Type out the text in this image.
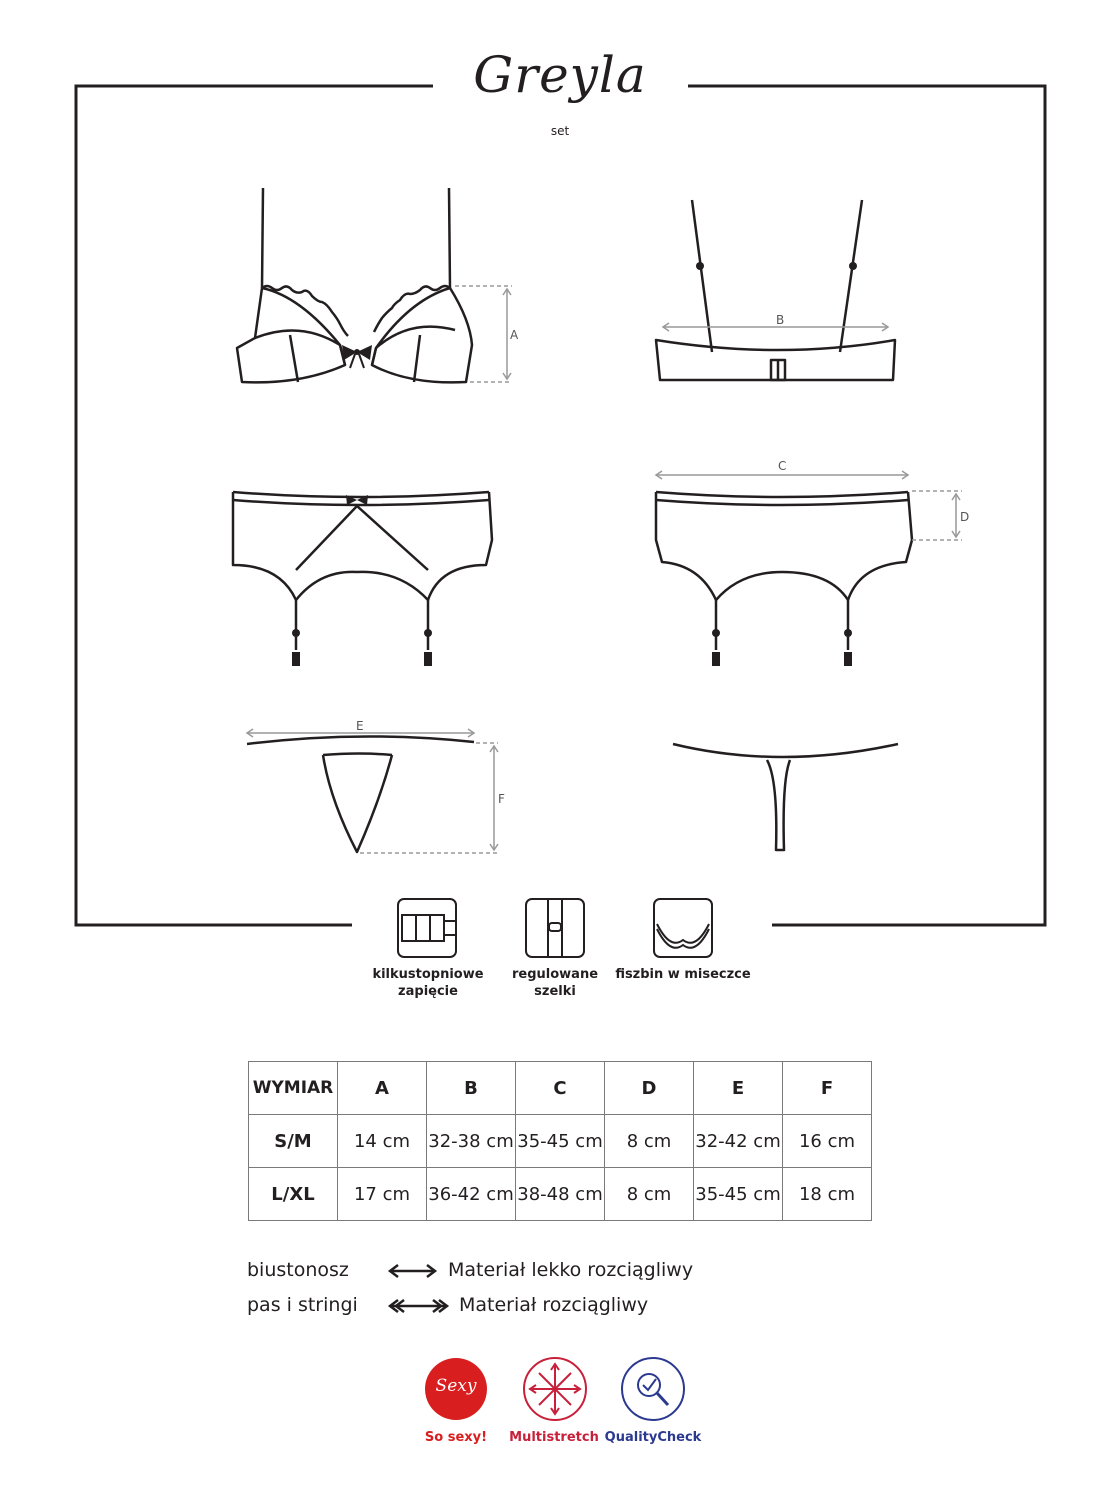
Greyla
set
A
B
C
D
E
F
kilkustopniowe
zapięcie
regulowane
szelki
fiszbin w miseczce
WYMIAR	A	B	C	D	E	F
S/M	14 cm	32-38 cm	35-45 cm	8 cm	32-42 cm	16 cm
L/XL	17 cm	36-42 cm	38-48 cm	8 cm	35-45 cm	18 cm
biustonosz	Materiał lekko rozciągliwy
pas i stringi	Materiał rozciągliwy
Sexy
So sexy!	Multistretch QualityCheck
